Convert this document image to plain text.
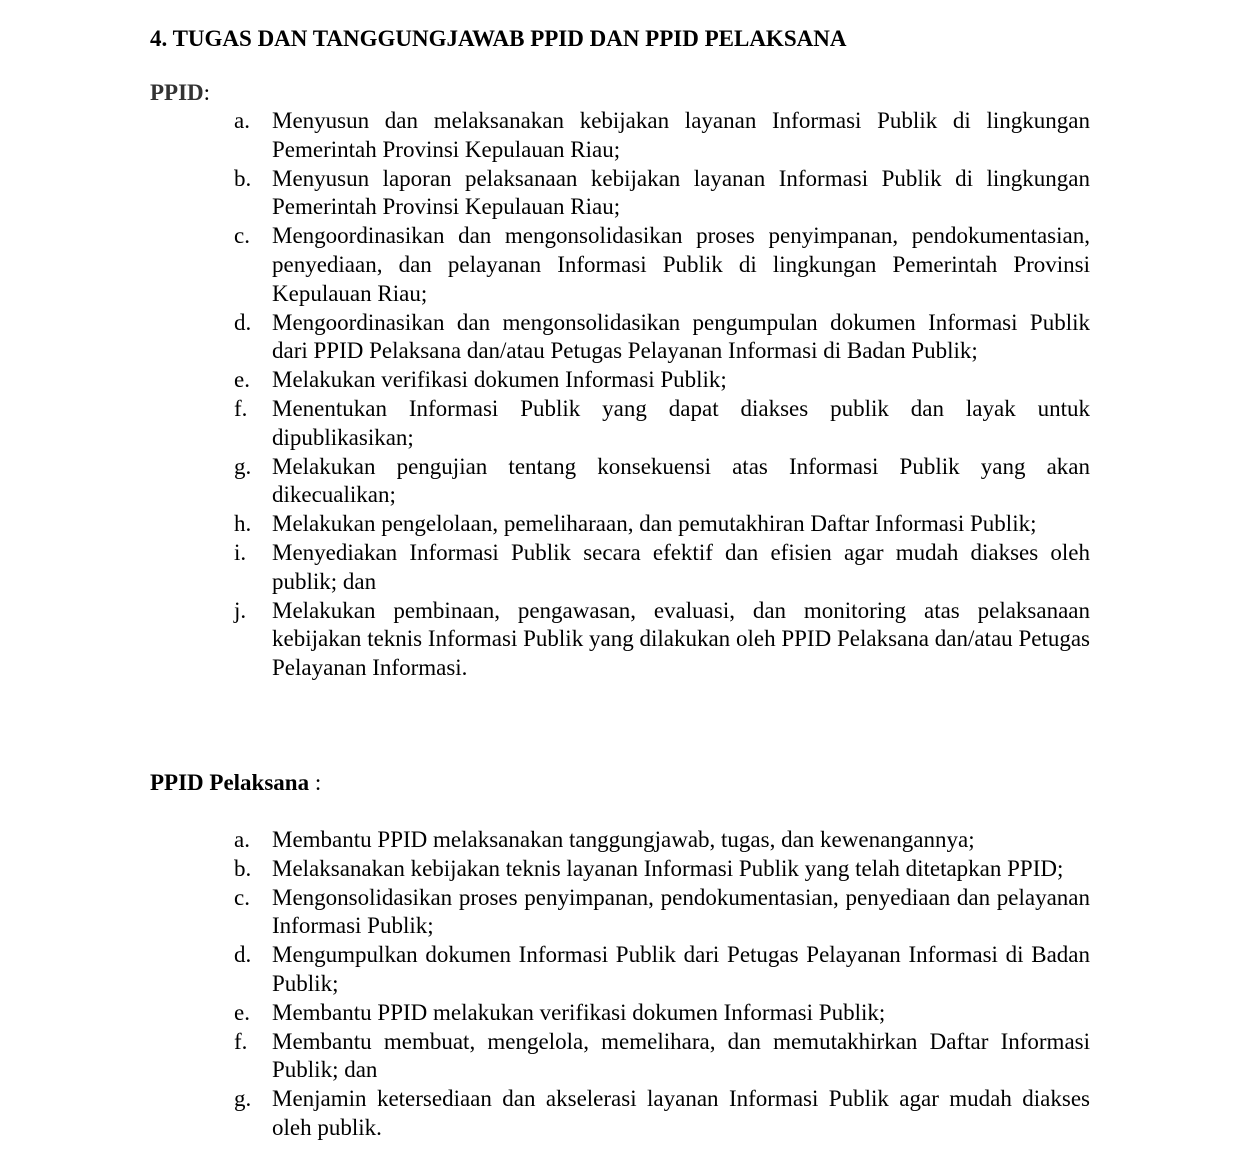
4. TUGAS DAN TANGGUNGJAWAB PPID DAN PPID PELAKSANA
PPID:
a. Menyusun dan melaksanakan kebijakan layanan Informasi Publik di lingkungan Pemerintah Provinsi Kepulauan Riau;
b. Menyusun laporan pelaksanaan kebijakan layanan Informasi Publik di lingkungan Pemerintah Provinsi Kepulauan Riau;
c. Mengoordinasikan dan mengonsolidasikan proses penyimpanan, pendokumentasian, penyediaan, dan pelayanan Informasi Publik di lingkungan Pemerintah Provinsi Kepulauan Riau;
d. Mengoordinasikan dan mengonsolidasikan pengumpulan dokumen Informasi Publik dari PPID Pelaksana dan/atau Petugas Pelayanan Informasi di Badan Publik;
e. Melakukan verifikasi dokumen Informasi Publik;
f.	Menentukan Informasi Publik yang dapat diakses publik dan layak untuk dipublikasikan;
g. Melakukan pengujian tentang konsekuensi atas Informasi Publik yang akan dikecualikan;
h. Melakukan pengelolaan, pemeliharaan, dan pemutakhiran Daftar Informasi Publik;
i.	Menyediakan Informasi Publik secara efektif dan efisien agar mudah diakses oleh publik; dan
j.	Melakukan pembinaan, pengawasan, evaluasi, dan monitoring atas pelaksanaan kebijakan teknis Informasi Publik yang dilakukan oleh PPID Pelaksana dan/atau Petugas Pelayanan Informasi.
PPID Pelaksana :
a. Membantu PPID melaksanakan tanggungjawab, tugas, dan kewenangannya;
b. Melaksanakan kebijakan teknis layanan Informasi Publik yang telah ditetapkan PPID;
c. Mengonsolidasikan proses penyimpanan, pendokumentasian, penyediaan dan pelayanan Informasi Publik;
d. Mengumpulkan dokumen Informasi Publik dari Petugas Pelayanan Informasi di Badan Publik;
e. Membantu PPID melakukan verifikasi dokumen Informasi Publik;
f.	Membantu membuat, mengelola, memelihara, dan memutakhirkan Daftar Informasi Publik; dan
g. Menjamin ketersediaan dan akselerasi layanan Informasi Publik agar mudah diakses oleh publik.
